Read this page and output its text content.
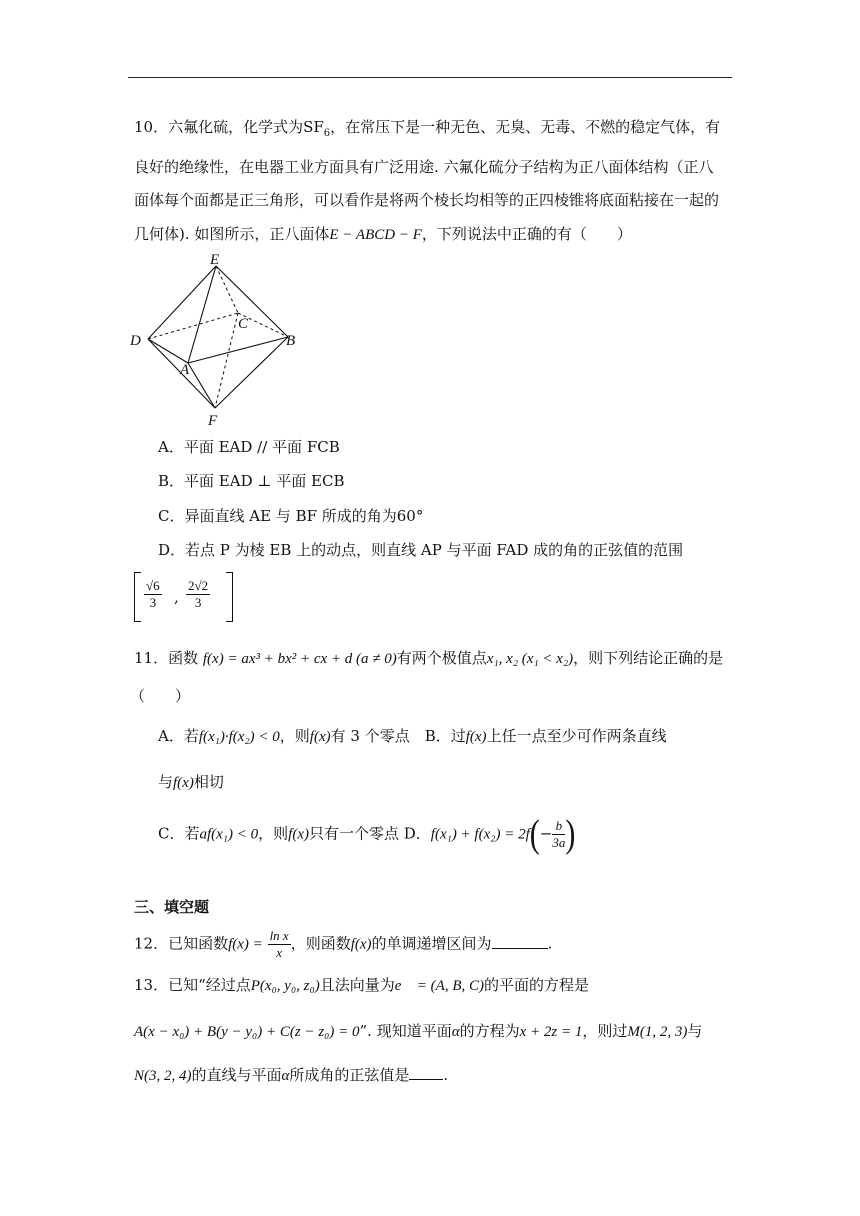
10．六氟化硫，化学式为$SF_6$，在常压下是一种无色、无臭、无毒、不燃的稳定气体，有
良好的绝缘性，在电器工业方面具有广泛用途. 六氟化硫分子结构为正八面体结构（正八
面体每个面都是正三角形，可以看作是将两个棱长均相等的正四棱锥将底面粘接在一起的
几何体). 如图所示，正八面体E − ABCD − F，下列说法中正确的有（　　）
E
C
D	B
A
F
A．平面 EAD // 平面 FCB
B．平面 EAD ⊥ 平面 ECB
C．异面直线 AE 与 BF 所成的角为60°
D．若点 P 为棱 EB 上的动点，则直线 AP 与平面 FAD 成的角的正弦值的范围
$\frac{√6}{3}$ , $\frac{2√2}{3}$
11．函数 f(x) = ax³ + bx² + cx + d (a ≠ 0)有两个极值点x₁, x₂ (x₁ < x₂)，则下列结论正确的是
（　　）
A．若f(x₁)·f(x₂) < 0，则f(x)有 3 个零点　B．过f(x)上任一点至少可作两条直线
与f(x)相切
C．若af(x₁) < 0，则f(x)只有一个零点 D．$f(x_1) + f(x_2) = 2f(- \frac{b}{3a}$ )
三、填空题
12．已知函数$f(x) = \frac{\text{ln x}}{x}$ ，则函数f(x)的单调递增区间为	.
13．已知“经过点P(x₀, y₀, z₀)且法向量为e⃗ = (A, B, C)的平面的方程是
A(x − x₀) + B(y − y₀) + C(z − z₀) = 0”. 现知道平面α的方程为x + 2z = 1，则过M(1, 2, 3)与
N(3, 2, 4)的直线与平面α所成角的正弦值是 .
